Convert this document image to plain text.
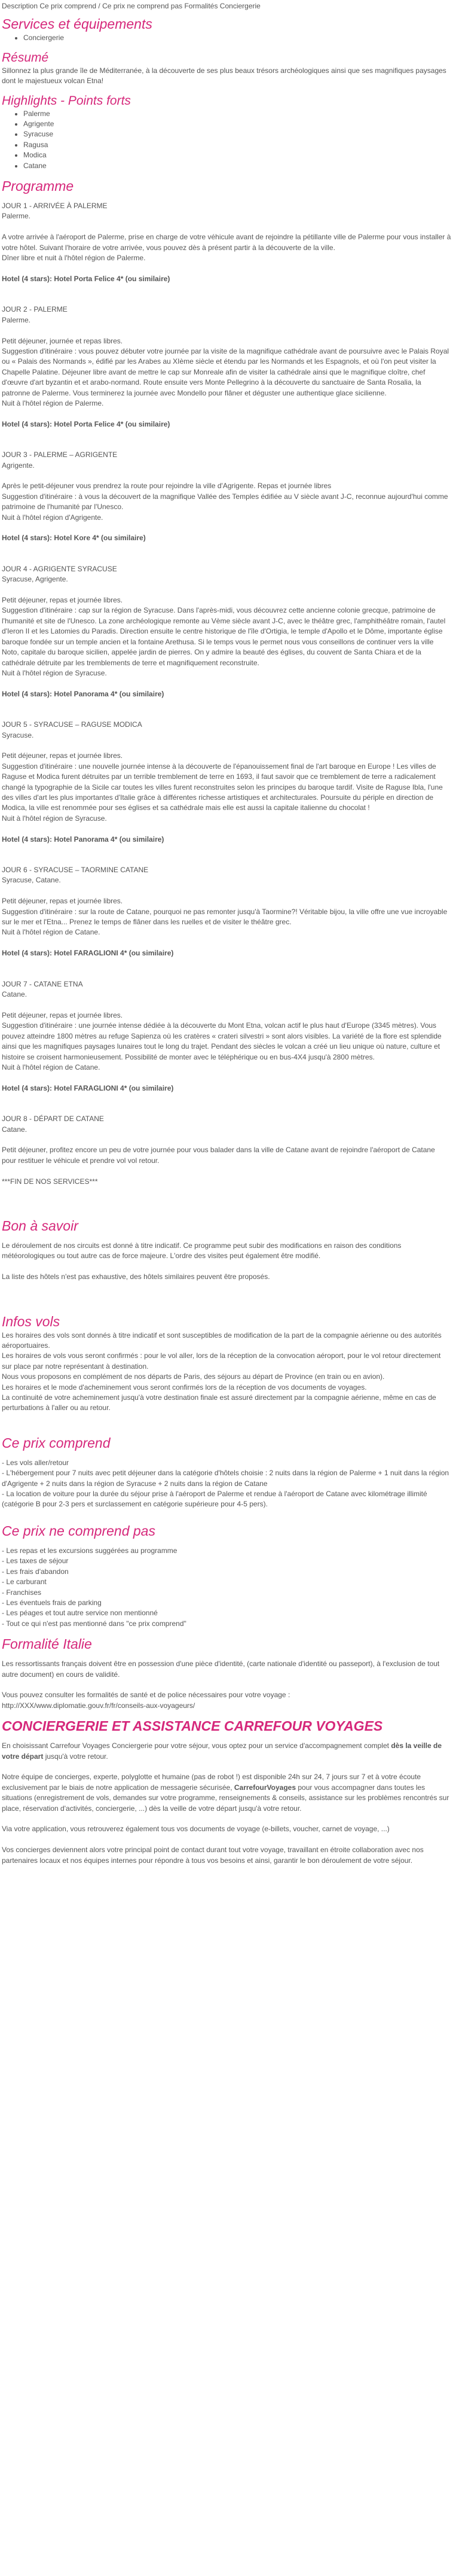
Description Ce prix comprend / Ce prix ne comprend pas Formalités Conciergerie

Services et équipements
• Conciergerie
Résumé

Sillonnez la plus grande île de Méditerranée, à la découverte de ses plus beaux trésors archéologiques ainsi que ses magnifiques paysages dont le majestueux volcan Etna!

Highlights - Points forts
• Palerme
• Agrigente
• Syracuse
• Ragusa
• Modica
• Catane
Programme

JOUR 1 - ARRIVÉE À PALERME

Palerme.

A votre arrivée à l'aéroport de Palerme, prise en charge de votre véhicule avant de rejoindre la pétillante ville de Palerme pour vous installer à votre hôtel. Suivant l'horaire de votre arrivée, vous pouvez dès à présent partir à la découverte de la ville.

Dîner libre et nuit à l'hôtel région de Palerme.

Hotel (4 stars): Hotel Porta Felice 4* (ou similaire)

JOUR 2 - PALERME

Palerme.

Petit déjeuner, journée et repas libres.

Suggestion d'itinéraire : vous pouvez débuter votre journée par la visite de la magnifique cathédrale avant de poursuivre avec le Palais Royal ou « Palais des Normands », édifié par les Arabes au XIème siècle et étendu par les Normands et les Espagnols, et où l'on peut visiter la Chapelle Palatine. Déjeuner libre avant de mettre le cap sur Monreale afin de visiter la cathédrale ainsi que le magnifique cloître, chef d'œuvre d'art byzantin et et arabo-normand. Route ensuite vers Monte Pellegrino à la découverte du sanctuaire de Santa Rosalia, la patronne de Palerme. Vous terminerez la journée avec Mondello pour flâner et déguster une authentique glace sicilienne.

Nuit à l'hôtel région de Palerme.

Hotel (4 stars): Hotel Porta Felice 4* (ou similaire)

JOUR 3 - PALERME – AGRIGENTE

Agrigente.

Après le petit-déjeuner vous prendrez la route pour rejoindre la ville d'Agrigente. Repas et journée libres

Suggestion d'itinéraire : à vous la découvert de la magnifique Vallée des Temples édifiée au V siècle avant J-C, reconnue aujourd'hui comme patrimoine de l'humanité par l'Unesco.

Nuit à l'hôtel région d'Agrigente.

Hotel (4 stars): Hotel Kore 4* (ou similaire)

JOUR 4 - AGRIGENTE SYRACUSE

Syracuse, Agrigente.

Petit déjeuner, repas et journée libres.

Suggestion d'itinéraire : cap sur la région de Syracuse. Dans l'après-midi, vous découvrez cette ancienne colonie grecque, patrimoine de l'humanité et site de l'Unesco. La zone archéologique remonte au Vème siècle avant J-C, avec le théâtre grec, l'amphithéâtre romain, l'autel d'Ieron II et les Latomies du Paradis. Direction ensuite le centre historique de l'île d'Ortigia, le temple d'Apollo et le Dôme, importante église baroque fondée sur un temple ancien et la fontaine Arethusa. Si le temps vous le permet nous vous conseillons de continuer vers la ville Noto, capitale du baroque sicilien, appelée jardin de pierres. On y admire la beauté des églises, du couvent de Santa Chiara et de la cathédrale détruite par les tremblements de terre et magnifiquement reconstruite.

Nuit à l'hôtel région de Syracuse.

Hotel (4 stars): Hotel Panorama 4* (ou similaire)

JOUR 5 - SYRACUSE – RAGUSE MODICA

Syracuse.

Petit déjeuner, repas et journée libres.

Suggestion d'itinéraire : une nouvelle journée intense à la découverte de l'épanouissement final de l'art baroque en Europe ! Les villes de Raguse et Modica furent détruites par un terrible tremblement de terre en 1693, il faut savoir que ce tremblement de terre a radicalement changé la typographie de la Sicile car toutes les villes furent reconstruites selon les principes du baroque tardif. Visite de Raguse Ibla, l'une des villes d'art les plus importantes d'Italie grâce à différentes richesse artistiques et architecturales. Poursuite du périple en direction de Modica, la ville est renommée pour ses églises et sa cathédrale mais elle est aussi la capitale italienne du chocolat !

Nuit à l'hôtel région de Syracuse.

Hotel (4 stars): Hotel Panorama 4* (ou similaire)

JOUR 6 - SYRACUSE – TAORMINE CATANE

Syracuse, Catane.

Petit déjeuner, repas et journée libres.

Suggestion d'itinéraire : sur la route de Catane, pourquoi ne pas remonter jusqu'à Taormine?! Véritable bijou, la ville offre une vue incroyable sur le mer et l'Etna... Prenez le temps de flâner dans les ruelles et de visiter le théâtre grec.

Nuit à l'hôtel région de Catane.

Hotel (4 stars): Hotel FARAGLIONI 4* (ou similaire)

JOUR 7 - CATANE ETNA

Catane.

Petit déjeuner, repas et journée libres.

Suggestion d'itinéraire : une journée intense dédiée à la découverte du Mont Etna, volcan actif le plus haut d'Europe (3345 mètres). Vous pouvez atteindre 1800 mètres au refuge Sapienza où les cratères « crateri silvestri » sont alors visibles. La variété de la flore est splendide ainsi que les magnifiques paysages lunaires tout le long du trajet. Pendant des siècles le volcan a créé un lieu unique où nature, culture et histoire se croisent harmonieusement. Possibilité de monter avec le téléphérique ou en bus-4X4 jusqu'à 2800 mètres.

Nuit à l'hôtel région de Catane.

Hotel (4 stars): Hotel FARAGLIONI 4* (ou similaire)

JOUR 8 - DÉPART DE CATANE

Catane.

Petit déjeuner, profitez encore un peu de votre journée pour vous balader dans la ville de Catane avant de rejoindre l'aéroport de Catane pour restituer le véhicule et prendre vol vol retour.

***FIN DE NOS SERVICES***

Bon à savoir

Le déroulement de nos circuits est donné à titre indicatif. Ce programme peut subir des modifications en raison des conditions météorologiques ou tout autre cas de force majeure. L'ordre des visites peut également être modifié.

La liste des hôtels n'est pas exhaustive, des hôtels similaires peuvent être proposés.

Infos vols

Les horaires des vols sont donnés à titre indicatif et sont susceptibles de modification de la part de la compagnie aérienne ou des autorités aéroportuaires.

Les horaires de vols vous seront confirmés : pour le vol aller, lors de la réception de la convocation aéroport, pour le vol retour directement sur place par notre représentant à destination.

Nous vous proposons en complément de nos départs de Paris, des séjours au départ de Province (en train ou en avion).

Les horaires et le mode d'acheminement vous seront confirmés lors de la réception de vos documents de voyages.

La continuité de votre acheminement jusqu'à votre destination finale est assuré directement par la compagnie aérienne, même en cas de perturbations à l'aller ou au retour.

Ce prix comprend

- Les vols aller/retour

- L'hébergement pour 7 nuits avec petit déjeuner dans la catégorie d'hôtels choisie : 2 nuits dans la région de Palerme + 1 nuit dans la région d'Agrigente + 2 nuits dans la région de Syracuse + 2 nuits dans la région de Catane

- La location de voiture pour la durée du séjour prise à l'aéroport de Palerme et rendue à l'aéroport de Catane avec kilométrage illimité (catégorie B pour 2-3 pers et surclassement en catégorie supérieure pour 4-5 pers).

Ce prix ne comprend pas

- Les repas et les excursions suggérées au programme

- Les taxes de séjour

- Les frais d'abandon

- Le carburant

- Franchises

- Les éventuels frais de parking

- Les péages et tout autre service non mentionné

- Tout ce qui n'est pas mentionné dans "ce prix comprend"

Formalité Italie

Les ressortissants français doivent être en possession d'une pièce d'identité, (carte nationale d'identité ou passeport), à l'exclusion de tout autre document) en cours de validité.

Vous pouvez consulter les formalités de santé et de police nécessaires pour votre voyage :

http://XXX/www.diplomatie.gouv.fr/fr/conseils-aux-voyageurs/

CONCIERGERIE ET ASSISTANCE CARREFOUR VOYAGES

En choisissant Carrefour Voyages Conciergerie pour votre séjour, vous optez pour un service d'accompagnement complet dès la veille de votre départ jusqu'à votre retour.

Notre équipe de concierges, experte, polyglotte et humaine (pas de robot !) est disponible 24h sur 24, 7 jours sur 7 et à votre écoute exclusivement par le biais de notre application de messagerie sécurisée, CarrefourVoyages pour vous accompagner dans toutes les situations (enregistrement de vols, demandes sur votre programme, renseignements & conseils, assistance sur les problèmes rencontrés sur place, réservation d'activités, conciergerie, ...) dès la veille de votre départ jusqu'à votre retour.

Via votre application, vous retrouverez également tous vos documents de voyage (e-billets, voucher, carnet de voyage, ...)

Vos concierges deviennent alors votre principal point de contact durant tout votre voyage, travaillant en étroite collaboration avec nos partenaires locaux et nos équipes internes pour répondre à tous vos besoins et ainsi, garantir le bon déroulement de votre séjour.
